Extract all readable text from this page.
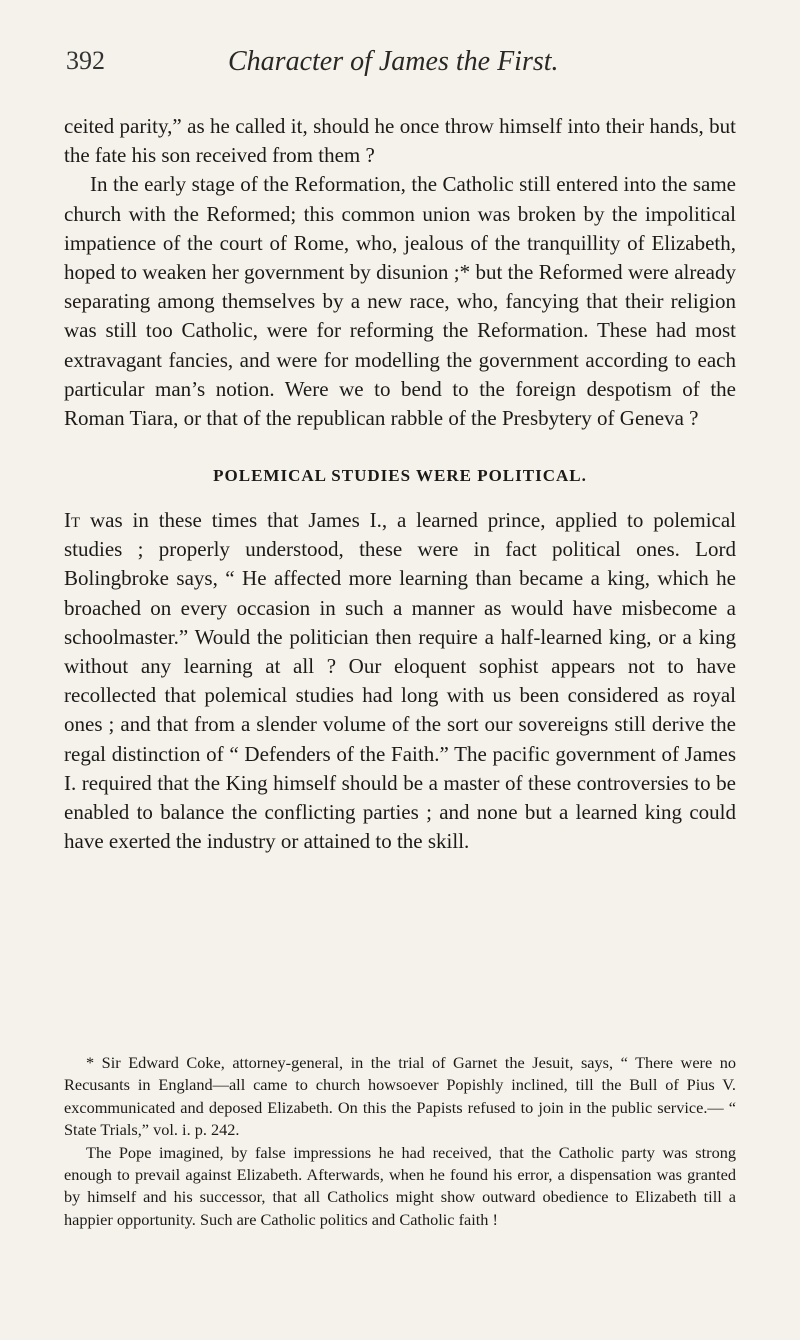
392	Character of James the First.

ceited parity,” as he called it, should he once throw himself into their hands, but the fate his son received from them ?

In the early stage of the Reformation, the Catholic still entered into the same church with the Reformed; this common union was broken by the impolitical impatience of the court of Rome, who, jealous of the tranquillity of Elizabeth, hoped to weaken her government by disunion ;* but the Reformed were already separating among themselves by a new race, who, fancying that their religion was still too Catholic, were for reforming the Reformation. These had most extravagant fancies, and were for modelling the government according to each particular man’s notion. Were we to bend to the foreign despotism of the Roman Tiara, or that of the republican rabble of the Presbytery of Geneva ?

POLEMICAL STUDIES WERE POLITICAL.

It was in these times that James I., a learned prince, applied to polemical studies ; properly understood, these were in fact political ones. Lord Bolingbroke says, “ He affected more learning than became a king, which he broached on every occasion in such a manner as would have misbecome a schoolmaster.” Would the politician then require a half-learned king, or a king without any learning at all ? Our eloquent sophist appears not to have recollected that polemical studies had long with us been considered as royal ones ; and that from a slender volume of the sort our sovereigns still derive the regal distinction of “ Defenders of the Faith.” The pacific government of James I. required that the King himself should be a master of these controversies to be enabled to balance the conflicting parties ; and none but a learned king could have exerted the industry or attained to the skill.

* Sir Edward Coke, attorney-general, in the trial of Garnet the Jesuit, says, “ There were no Recusants in England—all came to church howsoever Popishly inclined, till the Bull of Pius V. excommunicated and deposed Elizabeth. On this the Papists refused to join in the public service.— “ State Trials,” vol. i. p. 242.

The Pope imagined, by false impressions he had received, that the Catholic party was strong enough to prevail against Elizabeth. Afterwards, when he found his error, a dispensation was granted by himself and his successor, that all Catholics might show outward obedience to Elizabeth till a happier opportunity. Such are Catholic politics and Catholic faith !
